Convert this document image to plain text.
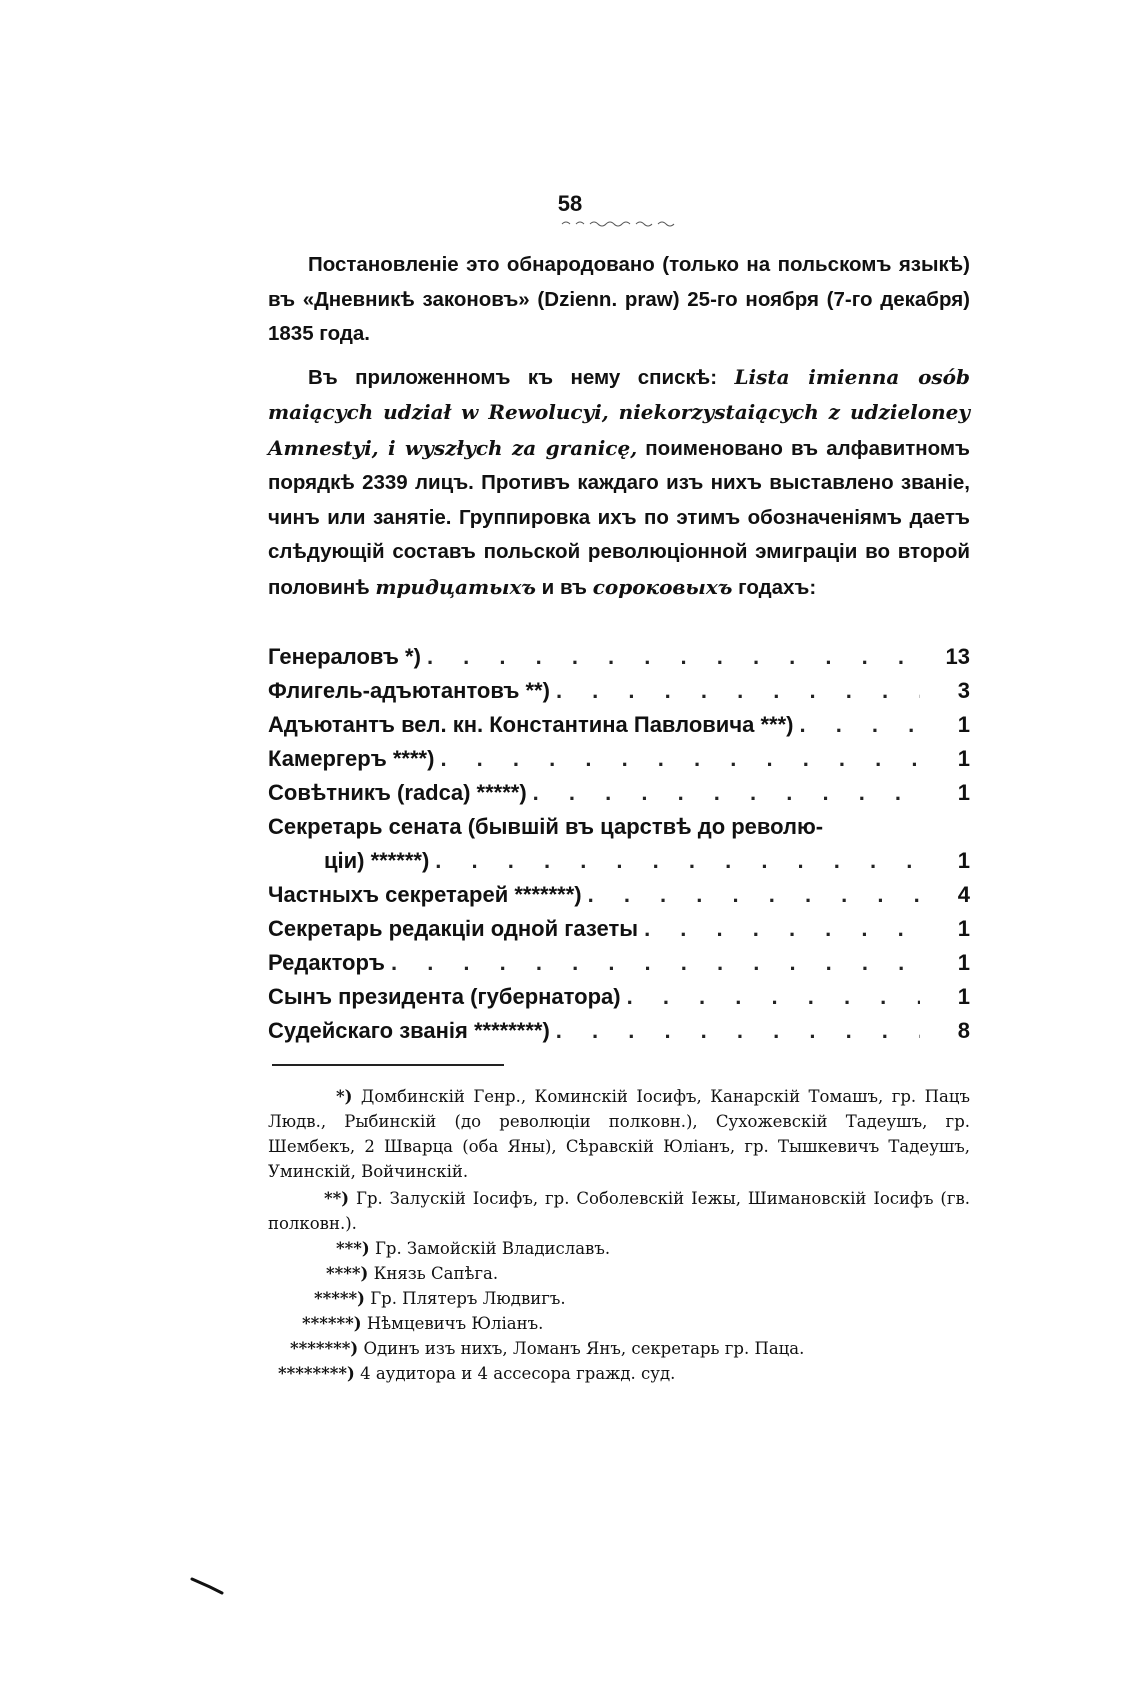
58

Постановленіе это обнародовано (только на польскомъ языкѣ) въ «Дневникѣ законовъ» (Dzienn. praw) 25-го ноября (7-го декабря) 1835 года.

Въ приложенномъ къ нему спискѣ: Lista imienna osób maiących udział w Rewolucyi, niekorzystaiących z udzieloney Amnestyi, i wyszłych za granicę, поименовано въ алфавитномъ порядкѣ 2339 лицъ. Противъ каждаго изъ нихъ выставлено званіе, чинъ или занятіе. Группировка ихъ по этимъ обозначеніямъ даетъ слѣдующій составъ польской революціонной эмиграціи во второй половинѣ тридцатыхъ и въ сороковыхъ годахъ:

Генераловъ *) . . .	13
Флигель-адъютантовъ **) . . .	3
Адъютантъ вел. кн. Константина Павловича ***) . . .	1
Камергеръ ****) . . .	1
Совѣтникъ (radca) *****) . . .	1
Секретарь сената (бывшій въ царствѣ до револю-
ціи) ******) . . .	1
Частныхъ секретарей *******) . . .	4
Секретарь редакціи одной газеты . . .	1
Редакторъ . . .	1
Сынъ президента (губернатора) . . .	1
Судейскаго званія ********) . . .	8

*) Домбинскій Генр., Коминскій Іосифъ, Канарскій Томашъ, гр. Пацъ Людв., Рыбинскій (до революціи полковн.), Сухожевскій Тадеушъ, гр. Шембекъ, 2 Шварца (оба Яны), Сѣравскій Юліанъ, гр. Тышкевичъ Тадеушъ, Уминскій, Войчинскій.

**) Гр. Залускій Іосифъ, гр. Соболевскій Іежы, Шимановскій Іосифъ (гв. полковн.).

***) Гр. Замойскій Владиславъ.

****) Князь Сапѣга.

*****) Гр. Плятеръ Людвигъ.

******) Нѣмцевичъ Юліанъ.

*******) Одинъ изъ нихъ, Ломанъ Янъ, секретарь гр. Паца.

********) 4 аудитора и 4 ассесора гражд. суд.
